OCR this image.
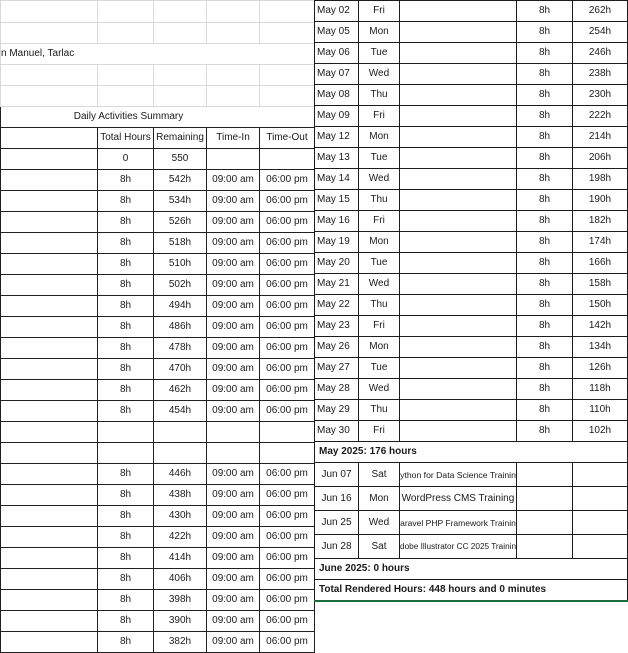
n Manuel, Tarlac				

Daily Activities Summary				
	Total Hours	Remaining	Time-In	Time-Out
	0	550		
	8h	542h	09:00 am	06:00 pm
	8h	534h	09:00 am	06:00 pm
	8h	526h	09:00 am	06:00 pm
	8h	518h	09:00 am	06:00 pm
	8h	510h	09:00 am	06:00 pm
	8h	502h	09:00 am	06:00 pm
	8h	494h	09:00 am	06:00 pm
	8h	486h	09:00 am	06:00 pm
	8h	478h	09:00 am	06:00 pm
	8h	470h	09:00 am	06:00 pm
	8h	462h	09:00 am	06:00 pm
	8h	454h	09:00 am	06:00 pm

	8h	446h	09:00 am	06:00 pm
	8h	438h	09:00 am	06:00 pm
	8h	430h	09:00 am	06:00 pm
	8h	422h	09:00 am	06:00 pm
	8h	414h	09:00 am	06:00 pm
	8h	406h	09:00 am	06:00 pm
	8h	398h	09:00 am	06:00 pm
	8h	390h	09:00 am	06:00 pm
	8h	382h	09:00 am	06:00 pm
May 02	Fri		8h	262h
May 05	Mon		8h	254h
May 06	Tue		8h	246h
May 07	Wed		8h	238h
May 08	Thu		8h	230h
May 09	Fri		8h	222h
May 12	Mon		8h	214h
May 13	Tue		8h	206h
May 14	Wed		8h	198h
May 15	Thu		8h	190h
May 16	Fri		8h	182h
May 19	Mon		8h	174h
May 20	Tue		8h	166h
May 21	Wed		8h	158h
May 22	Thu		8h	150h
May 23	Fri		8h	142h
May 26	Mon		8h	134h
May 27	Tue		8h	126h
May 28	Wed		8h	118h
May 29	Thu		8h	110h
May 30	Fri		8h	102h
May 2025: 176 hours				
Jun 07	Sat	ython for Data Science Trainin		
Jun 16	Mon	WordPress CMS Training		
Jun 25	Wed	aravel PHP Framework Trainin		
Jun 28	Sat	dobe Illustrator CC 2025 Trainin		
June 2025: 0 hours				
Total Rendered Hours: 448 hours and 0 minutes				
